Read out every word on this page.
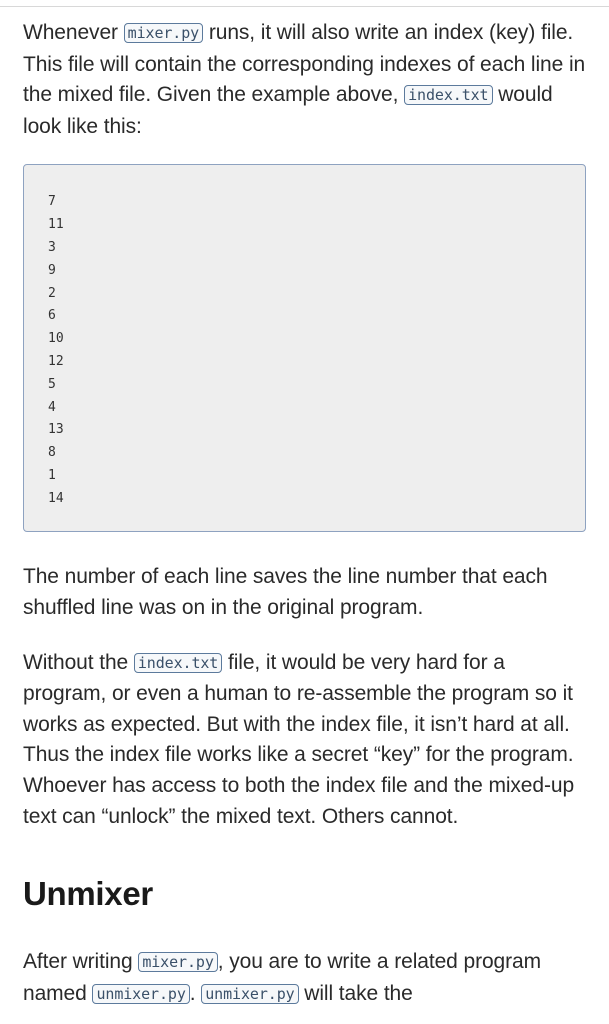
Whenever mixer.py runs, it will also write an index (key) file. This file will contain the corresponding indexes of each line in the mixed file. Given the example above, index.txt would look like this:

7
11
3
9
2
6
10
12
5
4
13
8
1
14

The number of each line saves the line number that each shuffled line was on in the original program.

Without the index.txt file, it would be very hard for a program, or even a human to re-assemble the program so it works as expected. But with the index file, it isn’t hard at all. Thus the index file works like a secret “key” for the program. Whoever has access to both the index file and the mixed-up text can “unlock” the mixed text. Others cannot.

Unmixer

After writing mixer.py , you are to write a related program named unmixer.py . unmixer.py will take the
